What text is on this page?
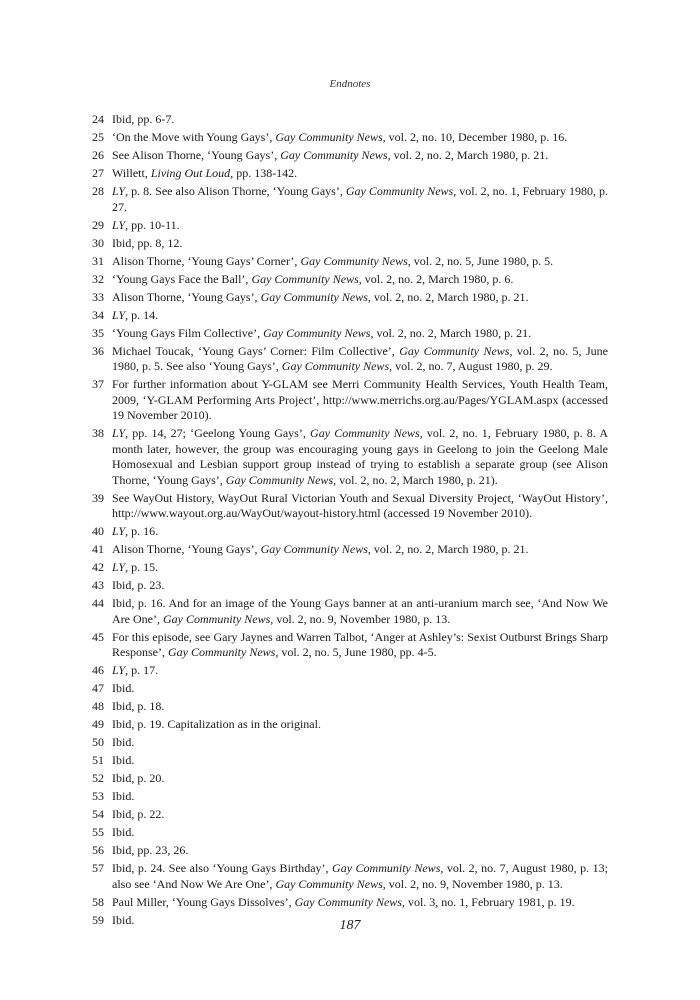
Endnotes
24 Ibid, pp. 6-7.
25 ‘On the Move with Young Gays’, Gay Community News, vol. 2, no. 10, December 1980, p. 16.
26 See Alison Thorne, ‘Young Gays’, Gay Community News, vol. 2, no. 2, March 1980, p. 21.
27 Willett, Living Out Loud, pp. 138-142.
28 LY, p. 8. See also Alison Thorne, ‘Young Gays’, Gay Community News, vol. 2, no. 1, February 1980, p. 27.
29 LY, pp. 10-11.
30 Ibid, pp. 8, 12.
31 Alison Thorne, ‘Young Gays’ Corner’, Gay Community News, vol. 2, no. 5, June 1980, p. 5.
32 ‘Young Gays Face the Ball’, Gay Community News, vol. 2, no. 2, March 1980, p. 6.
33 Alison Thorne, ‘Young Gays’, Gay Community News, vol. 2, no. 2, March 1980, p. 21.
34 LY, p. 14.
35 ‘Young Gays Film Collective’, Gay Community News, vol. 2, no. 2, March 1980, p. 21.
36 Michael Toucak, ‘Young Gays’ Corner: Film Collective’, Gay Community News, vol. 2, no. 5, June 1980, p. 5. See also ‘Young Gays’, Gay Community News, vol. 2, no. 7, August 1980, p. 29.
37 For further information about Y-GLAM see Merri Community Health Services, Youth Health Team, 2009, ‘Y-GLAM Performing Arts Project’, http://www.merrichs.org.au/Pages/YGLAM.aspx (accessed 19 November 2010).
38 LY, pp. 14, 27; ‘Geelong Young Gays’, Gay Community News, vol. 2, no. 1, February 1980, p. 8. A month later, however, the group was encouraging young gays in Geelong to join the Geelong Male Homosexual and Lesbian support group instead of trying to establish a separate group (see Alison Thorne, ‘Young Gays’, Gay Community News, vol. 2, no. 2, March 1980, p. 21).
39 See WayOut History, WayOut Rural Victorian Youth and Sexual Diversity Project, ‘WayOut History’, http://www.wayout.org.au/WayOut/wayout-history.html (accessed 19 November 2010).
40 LY, p. 16.
41 Alison Thorne, ‘Young Gays’, Gay Community News, vol. 2, no. 2, March 1980, p. 21.
42 LY, p. 15.
43 Ibid, p. 23.
44 Ibid, p. 16. And for an image of the Young Gays banner at an anti-uranium march see, ‘And Now We Are One’, Gay Community News, vol. 2, no. 9, November 1980, p. 13.
45 For this episode, see Gary Jaynes and Warren Talbot, ‘Anger at Ashley’s: Sexist Outburst Brings Sharp Response’, Gay Community News, vol. 2, no. 5, June 1980, pp. 4-5.
46 LY, p. 17.
47 Ibid.
48 Ibid, p. 18.
49 Ibid, p. 19. Capitalization as in the original.
50 Ibid.
51 Ibid.
52 Ibid, p. 20.
53 Ibid.
54 Ibid, p. 22.
55 Ibid.
56 Ibid, pp. 23, 26.
57 Ibid, p. 24. See also ‘Young Gays Birthday’, Gay Community News, vol. 2, no. 7, August 1980, p. 13; also see ‘And Now We Are One’, Gay Community News, vol. 2, no. 9, November 1980, p. 13.
58 Paul Miller, ‘Young Gays Dissolves’, Gay Community News, vol. 3, no. 1, February 1981, p. 19.
59 Ibid.	187
